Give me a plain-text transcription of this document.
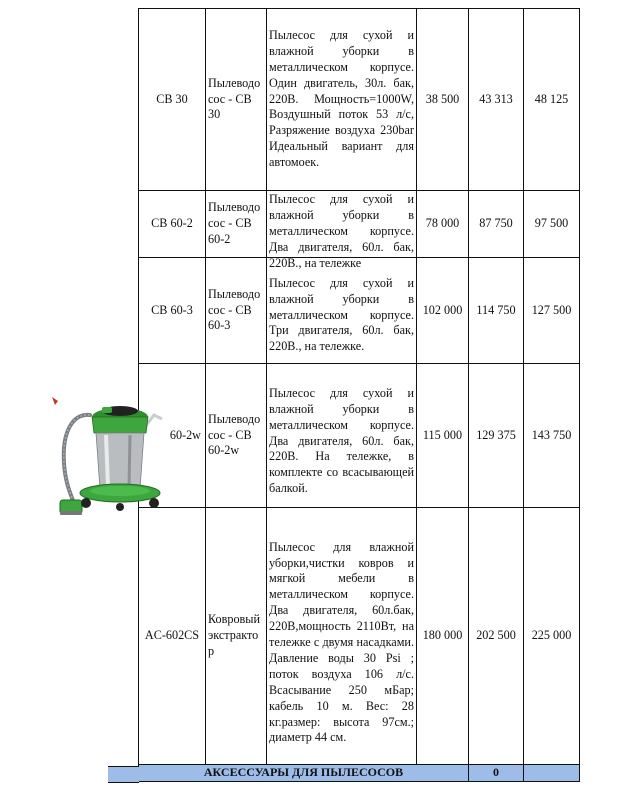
CB 30	Пылеводо сос - CB 30	Пылесос для сухой и влажной уборки в металлическом корпусе. Один двигатель, 30л. бак, 220В. Мощность=1000W, Воздушный поток 53 л/с, Разряжение воздуха 230bar Идеальный вариант для автомоек.	38 500	43 313	48 125
CB 60-2	Пылеводо сос - CB 60-2	Пылесос для сухой и влажной уборки в металлическом корпусе. Два двигателя, 60л. бак, 220В., на тележке	78 000	87 750	97 500
CB 60-3	Пылеводо сос - CB 60-3	Пылесос для сухой и влажной уборки в металлическом корпусе. Три двигателя, 60л. бак, 220В., на тележке.	102 000	114 750	127 500
60-2w	Пылеводо сос - CB 60-2w	Пылесос для сухой и влажной уборки в металлическом корпусе. Два двигателя, 60л. бак, 220В. На тележке, в комплекте со всасывающей балкой.	115 000	129 375	143 750
AC-602CS	Ковровый экстракто р	Пылесос для влажной уборки,чистки ковров и мягкой мебели в металлическом корпусе. Два двигателя, 60л.бак, 220В,мощность 2110Вт, на тележке с двумя насадками. Давление воды 30 Psi ; поток воздуха 106 л/с. Всасывание 250 мБар; кабель 10 м. Вес: 28 кг.размер: высота 97см.; диаметр 44 см.	180 000	202 500	225 000
АКСЕССУАРЫ ДЛЯ ПЫЛЕСОСОВ				0	
